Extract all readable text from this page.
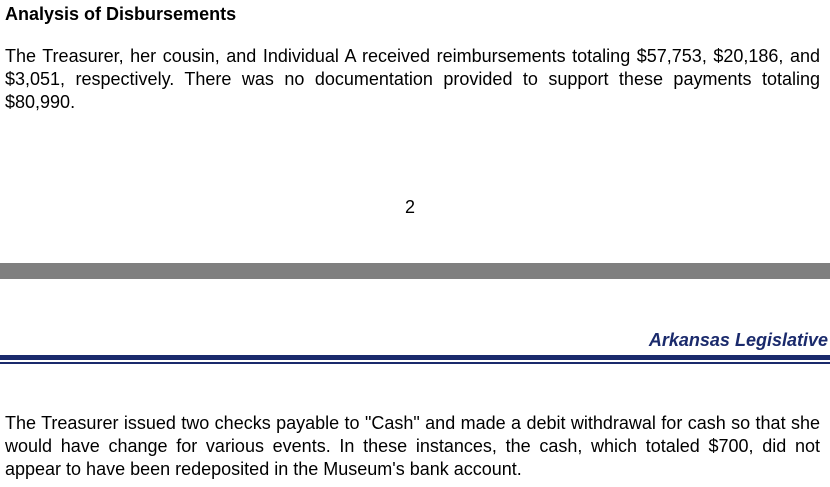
Analysis of Disbursements

The Treasurer, her cousin, and Individual A received reimbursements totaling $57,753, $20,186, and $3,051, respectively. There was no documentation provided to support these payments totaling $80,990.

2
Arkansas Legislative

The Treasurer issued two checks payable to "Cash" and made a debit withdrawal for cash so that she would have change for various events. In these instances, the cash, which totaled $700, did not appear to have been redeposited in the Museum's bank account.
